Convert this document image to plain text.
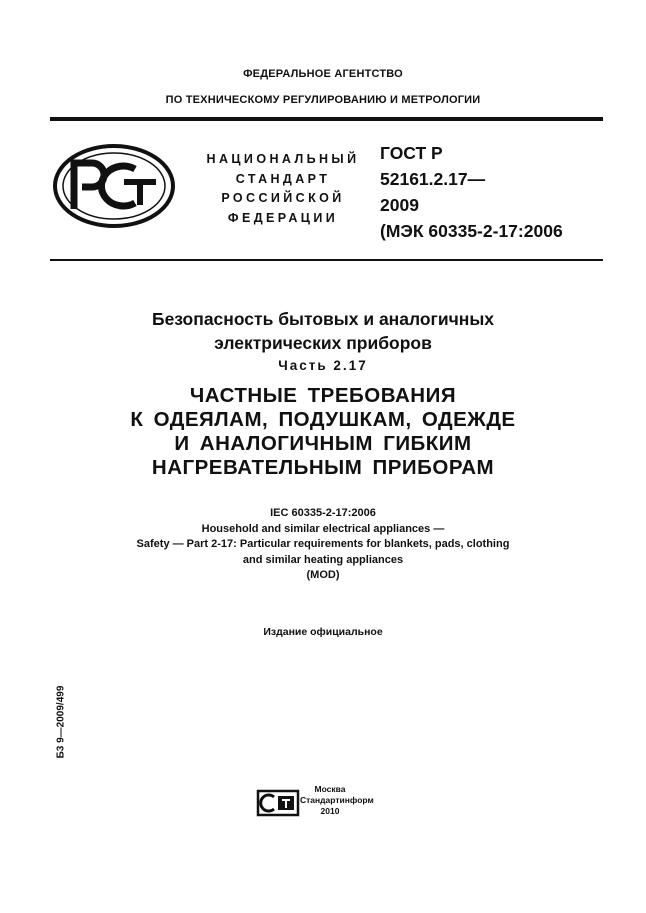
ФЕДЕРАЛЬНОЕ АГЕНТСТВО
ПО ТЕХНИЧЕСКОМУ РЕГУЛИРОВАНИЮ И МЕТРОЛОГИИ
НАЦИОНАЛЬНЫЙ
СТАНДАРТ
РОССИЙСКОЙ
ФЕДЕРАЦИИ
ГОСТ Р
52161.2.17—
2009
(МЭК 60335-2-17:2006
Безопасность бытовых и аналогичных
электрических приборов
Часть 2.17
ЧАСТНЫЕ ТРЕБОВАНИЯ
К ОДЕЯЛАМ, ПОДУШКАМ, ОДЕЖДЕ
И АНАЛОГИЧНЫМ ГИБКИМ
НАГРЕВАТЕЛЬНЫМ ПРИБОРАМ
IEC 60335-2-17:2006
Household and similar electrical appliances —
Safety — Part 2-17: Particular requirements for blankets, pads, clothing
and similar heating appliances
(MOD)
Издание официальное
Б3 9—2009/499
Москва
Стандартинформ
2010
